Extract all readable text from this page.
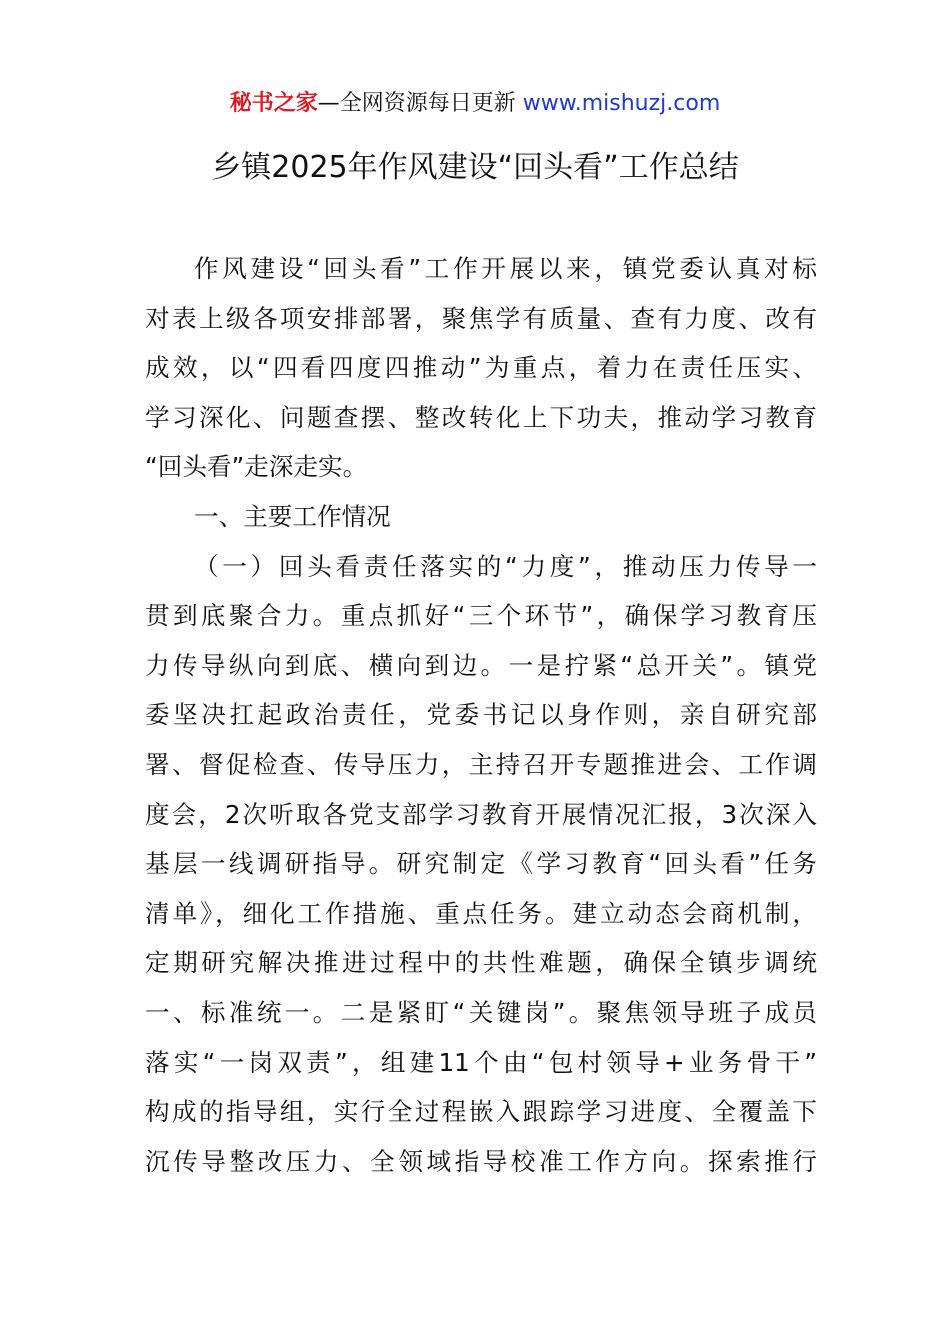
秘书之家—全网资源每日更新 www.mishuzj.com
乡镇2025年作风建设“回头看”工作总结
作风建设“回头看”工作开展以来，镇党委认真对标
对表上级各项安排部署，聚焦学有质量、查有力度、改有
成效，以“四看四度四推动”为重点，着力在责任压实、
学习深化、问题查摆、整改转化上下功夫，推动学习教育
“回头看”走深走实。
一、主要工作情况
（一）回头看责任落实的“力度”，推动压力传导一
贯到底聚合力。重点抓好“三个环节”，确保学习教育压
力传导纵向到底、横向到边。一是拧紧“总开关”。镇党
委坚决扛起政治责任，党委书记以身作则，亲自研究部
署、督促检查、传导压力，主持召开专题推进会、工作调
度会，2次听取各党支部学习教育开展情况汇报，3次深入
基层一线调研指导。研究制定《学习教育“回头看”任务
清单》，细化工作措施、重点任务。建立动态会商机制，
定期研究解决推进过程中的共性难题，确保全镇步调统
一、标准统一。二是紧盯“关键岗”。聚焦领导班子成员
落实“一岗双责”，组建11个由“包村领导+业务骨干”
构成的指导组，实行全过程嵌入跟踪学习进度、全覆盖下
沉传导整改压力、全领域指导校准工作方向。探索推行
